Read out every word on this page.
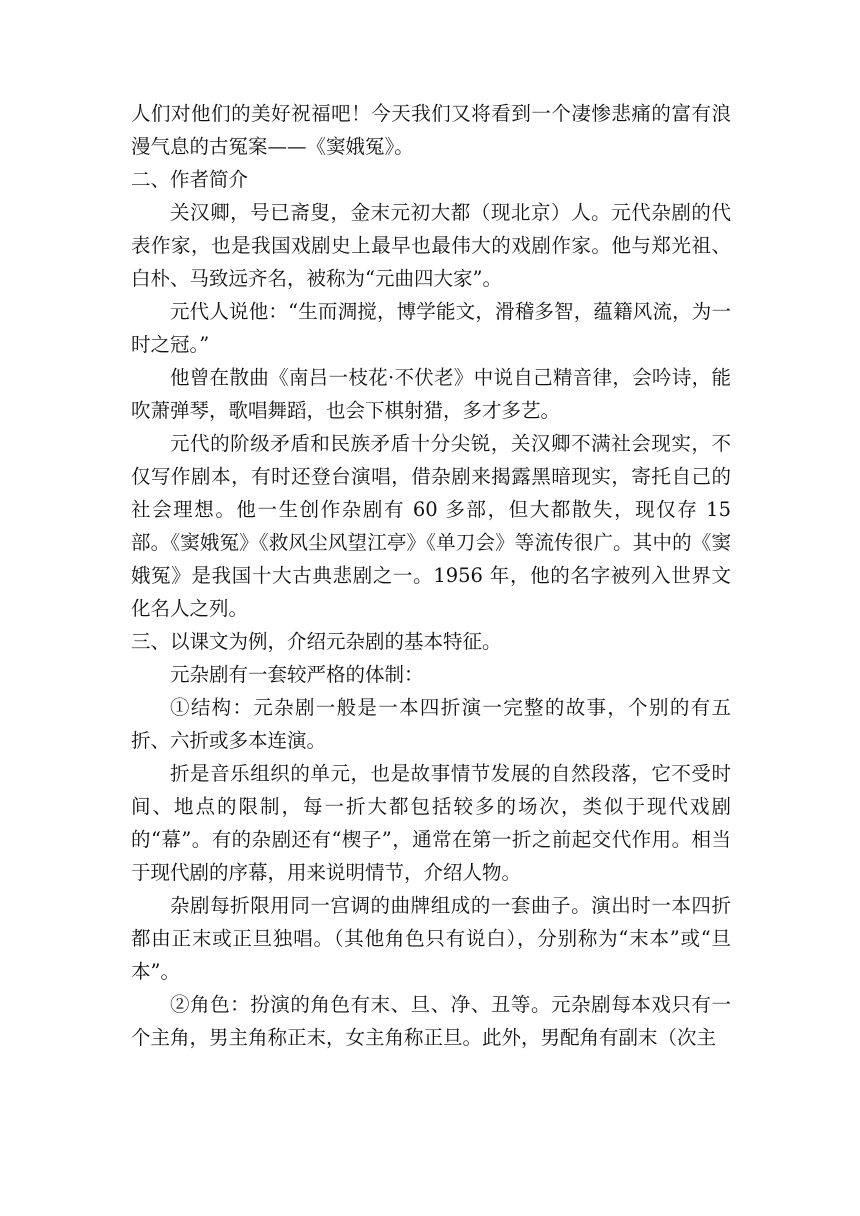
人们对他们的美好祝福吧！今天我们又将看到一个凄惨悲痛的富有浪漫气息的古冤案——《窦娥冤》。

二、作者简介

关汉卿，号已斋叟，金末元初大都（现北京）人。元代杂剧的代表作家，也是我国戏剧史上最早也最伟大的戏剧作家。他与郑光祖、白朴、马致远齐名，被称为“元曲四大家”。

元代人说他：“生而淍搅，博学能文，滑稽多智，蕴籍风流，为一时之冠。”

他曾在散曲《南吕一枝花·不伏老》中说自己精音律，会吟诗，能吹萧弹琴，歌唱舞蹈，也会下棋射猎，多才多艺。

元代的阶级矛盾和民族矛盾十分尖锐，关汉卿不满社会现实，不仅写作剧本，有时还登台演唱，借杂剧来揭露黑暗现实，寄托自己的社会理想。他一生创作杂剧有 60 多部，但大都散失，现仅存 15 部。《窦娥冤》《救风尘风望江亭》《单刀会》等流传很广。其中的《窦娥冤》是我国十大古典悲剧之一。1956 年，他的名字被列入世界文化名人之列。

三、以课文为例，介绍元杂剧的基本特征。

元杂剧有一套较严格的体制：

①结构：元杂剧一般是一本四折演一完整的故事，个别的有五折、六折或多本连演。

折是音乐组织的单元，也是故事情节发展的自然段落，它不受时间、地点的限制，每一折大都包括较多的场次，类似于现代戏剧的“幕”。有的杂剧还有“楔子”，通常在第一折之前起交代作用。相当于现代剧的序幕，用来说明情节，介绍人物。

杂剧每折限用同一宫调的曲牌组成的一套曲子。演出时一本四折都由正末或正旦独唱。（其他角色只有说白），分别称为“末本”或“旦本”。

②角色：扮演的角色有末、旦、净、丑等。元杂剧每本戏只有一个主角，男主角称正末，女主角称正旦。此外，男配角有副末（次主
